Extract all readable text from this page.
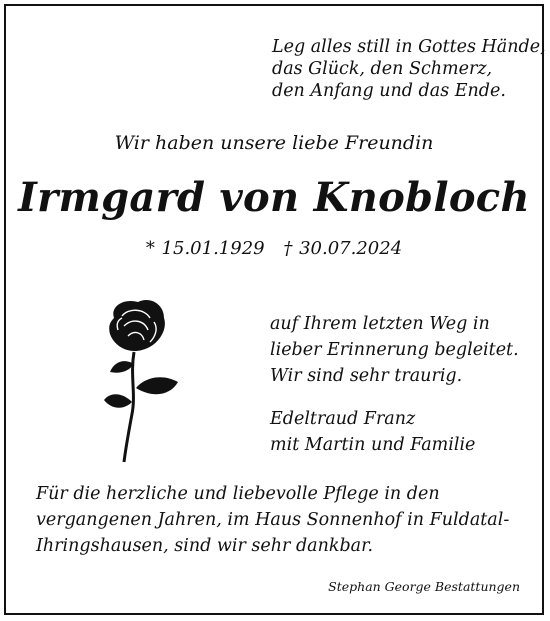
Leg alles still in Gottes Hände,
das Glück, den Schmerz,
den Anfang und das Ende.
Wir haben unsere liebe Freundin
Irmgard von Knobloch
* 15.01.1929 † 30.07.2024
auf Ihrem letzten Weg in
lieber Erinnerung begleitet.
Wir sind sehr traurig.
Edeltraud Franz
mit Martin und Familie
Für die herzliche und liebevolle Pflege in den
vergangenen Jahren, im Haus Sonnenhof in Fuldatal-
Ihringshausen, sind wir sehr dankbar.
Stephan George Bestattungen
